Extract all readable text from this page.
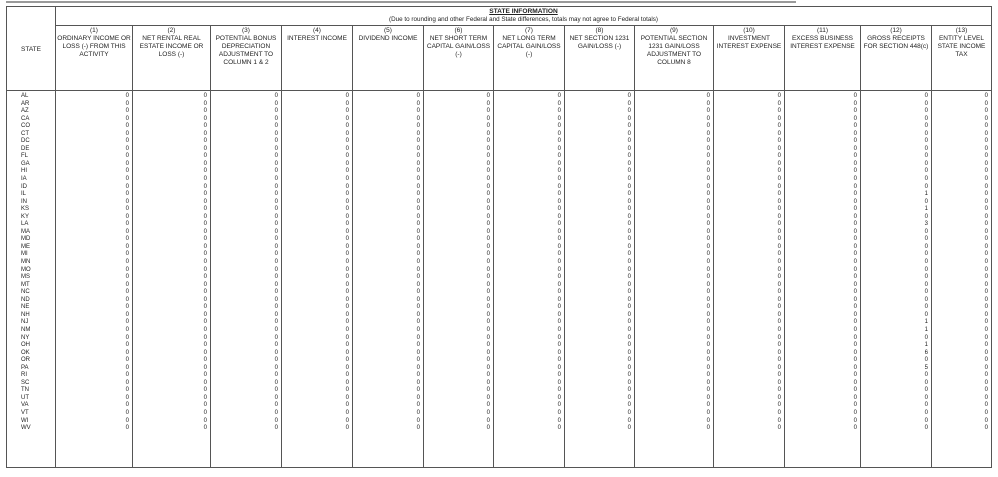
STATE INFORMATION
(Due to rounding and other Federal and State differences, totals may not agree to Federal totals)
STATE
AL
AR
AZ
CA
CO
CT
DC
DE
FL
GA
HI
IA
ID
IL
IN
KS
KY
LA
MA
MD
ME
MI
MN
MO
MS
MT
NC
ND
NE
NH
NJ
NM
NY
OH
OK
OR
PA
RI
SC
TN
UT
VA
VT
WI
WV
(1)
ORDINARY INCOME OR LOSS (-) FROM THIS ACTIVITY
0
0
0
0
0
0
0
0
0
0
0
0
0
0
0
0
0
0
0
0
0
0
0
0
0
0
0
0
0
0
0
0
0
0
0
0
0
0
0
0
0
0
0
0
0
(2)
NET RENTAL REAL ESTATE INCOME OR LOSS (-)
0
0
0
0
0
0
0
0
0
0
0
0
0
0
0
0
0
0
0
0
0
0
0
0
0
0
0
0
0
0
0
0
0
0
0
0
0
0
0
0
0
0
0
0
0
(3)
POTENTIAL BONUS DEPRECIATION ADJUSTMENT TO COLUMN 1 & 2
0
0
0
0
0
0
0
0
0
0
0
0
0
0
0
0
0
0
0
0
0
0
0
0
0
0
0
0
0
0
0
0
0
0
0
0
0
0
0
0
0
0
0
0
0
(4)
INTEREST INCOME
0
0
0
0
0
0
0
0
0
0
0
0
0
0
0
0
0
0
0
0
0
0
0
0
0
0
0
0
0
0
0
0
0
0
0
0
0
0
0
0
0
0
0
0
0
(5)
DIVIDEND INCOME
0
0
0
0
0
0
0
0
0
0
0
0
0
0
0
0
0
0
0
0
0
0
0
0
0
0
0
0
0
0
0
0
0
0
0
0
0
0
0
0
0
0
0
0
0
(6)
NET SHORT TERM CAPITAL GAIN/LOSS (-)
0
0
0
0
0
0
0
0
0
0
0
0
0
0
0
0
0
0
0
0
0
0
0
0
0
0
0
0
0
0
0
0
0
0
0
0
0
0
0
0
0
0
0
0
0
(7)
NET LONG TERM CAPITAL GAIN/LOSS (-)
0
0
0
0
0
0
0
0
0
0
0
0
0
0
0
0
0
0
0
0
0
0
0
0
0
0
0
0
0
0
0
0
0
0
0
0
0
0
0
0
0
0
0
0
0
(8)
NET SECTION 1231 GAIN/LOSS (-)
0
0
0
0
0
0
0
0
0
0
0
0
0
0
0
0
0
0
0
0
0
0
0
0
0
0
0
0
0
0
0
0
0
0
0
0
0
0
0
0
0
0
0
0
0
(9)
POTENTIAL SECTION 1231 GAIN/LOSS ADJUSTMENT TO COLUMN 8
0
0
0
0
0
0
0
0
0
0
0
0
0
0
0
0
0
0
0
0
0
0
0
0
0
0
0
0
0
0
0
0
0
0
0
0
0
0
0
0
0
0
0
0
0
(10)
INVESTMENT INTEREST EXPENSE
0
0
0
0
0
0
0
0
0
0
0
0
0
0
0
0
0
0
0
0
0
0
0
0
0
0
0
0
0
0
0
0
0
0
0
0
0
0
0
0
0
0
0
0
0
(11)
EXCESS BUSINESS INTEREST EXPENSE
0
0
0
0
0
0
0
0
0
0
0
0
0
0
0
0
0
0
0
0
0
0
0
0
0
0
0
0
0
0
0
0
0
0
0
0
0
0
0
0
0
0
0
0
0
(12)
GROSS RECEIPTS FOR SECTION 448(c)
0
0
0
0
0
0
0
0
0
0
0
0
0
1
0
1
0
3
0
0
0
0
0
0
0
0
0
0
0
0
1
1
0
1
6
0
5
0
0
0
0
0
0
0
0
(13)
ENTITY LEVEL STATE INCOME TAX
0
0
0
0
0
0
0
0
0
0
0
0
0
0
0
0
0
0
0
0
0
0
0
0
0
0
0
0
0
0
0
0
0
0
0
0
0
0
0
0
0
0
0
0
0
